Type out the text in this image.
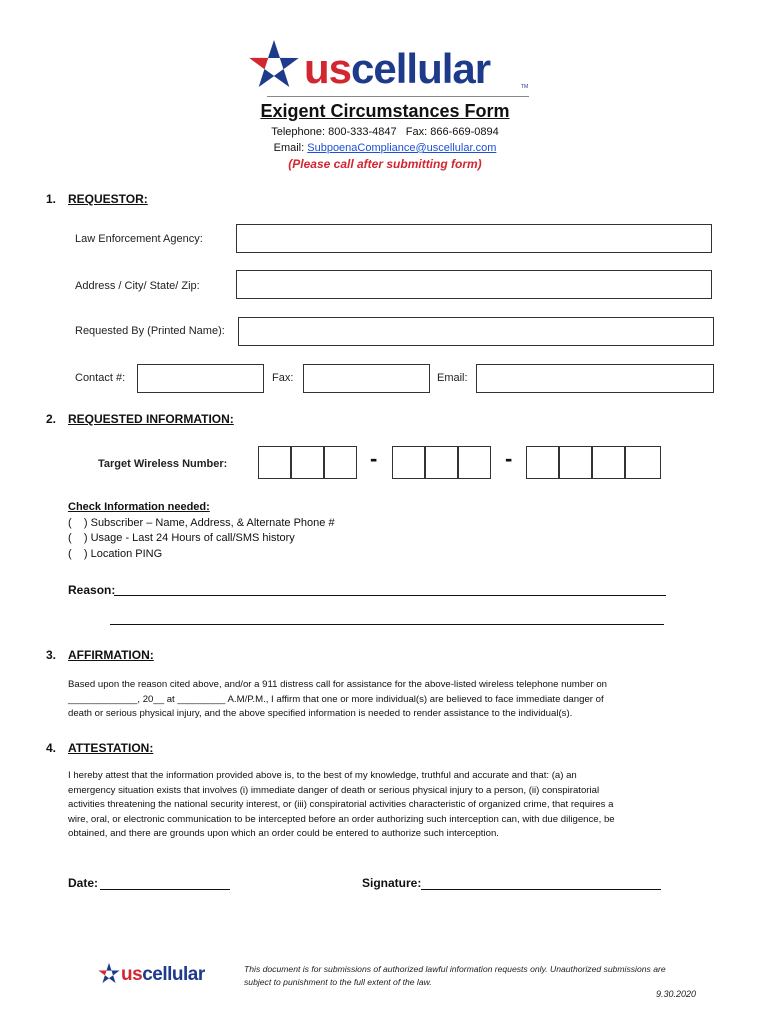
uscellular	TM
Exigent Circumstances Form
Telephone: 800-333-4847   Fax: 866-669-0894
Email: SubpoenaCompliance@uscellular.com
(Please call after submitting form)
1. REQUESTOR:
Law Enforcement Agency:
Address / City/ State/ Zip:
Requested By (Printed Name):
Contact #:	Fax:	Email:
2. REQUESTED INFORMATION:
Target Wireless Number:	-	-
Check Information needed:
(    ) Subscriber – Name, Address, & Alternate Phone #
(    ) Usage - Last 24 Hours of call/SMS history
(    ) Location PING
Reason:
3. AFFIRMATION:
Based upon the reason cited above, and/or a 911 distress call for assistance for the above-listed wireless telephone number on
_____________, 20__ at _________ A.M/P.M., I affirm that one or more individual(s) are believed to face immediate danger of
death or serious physical injury, and the above specified information is needed to render assistance to the individual(s).
4. ATTESTATION:
I hereby attest that the information provided above is, to the best of my knowledge, truthful and accurate and that: (a) an
emergency situation exists that involves (i) immediate danger of death or serious physical injury to a person, (ii) conspiratorial
activities threatening the national security interest, or (iii) conspiratorial activities characteristic of organized crime, that requires a
wire, oral, or electronic communication to be intercepted before an order authorizing such interception can, with due diligence, be
obtained, and there are grounds upon which an order could be entered to authorize such interception.
Date:	Signature:
uscellular	This document is for submissions of authorized lawful information requests only. Unauthorized submissions are
subject to punishment to the full extent of the law.
9.30.2020
